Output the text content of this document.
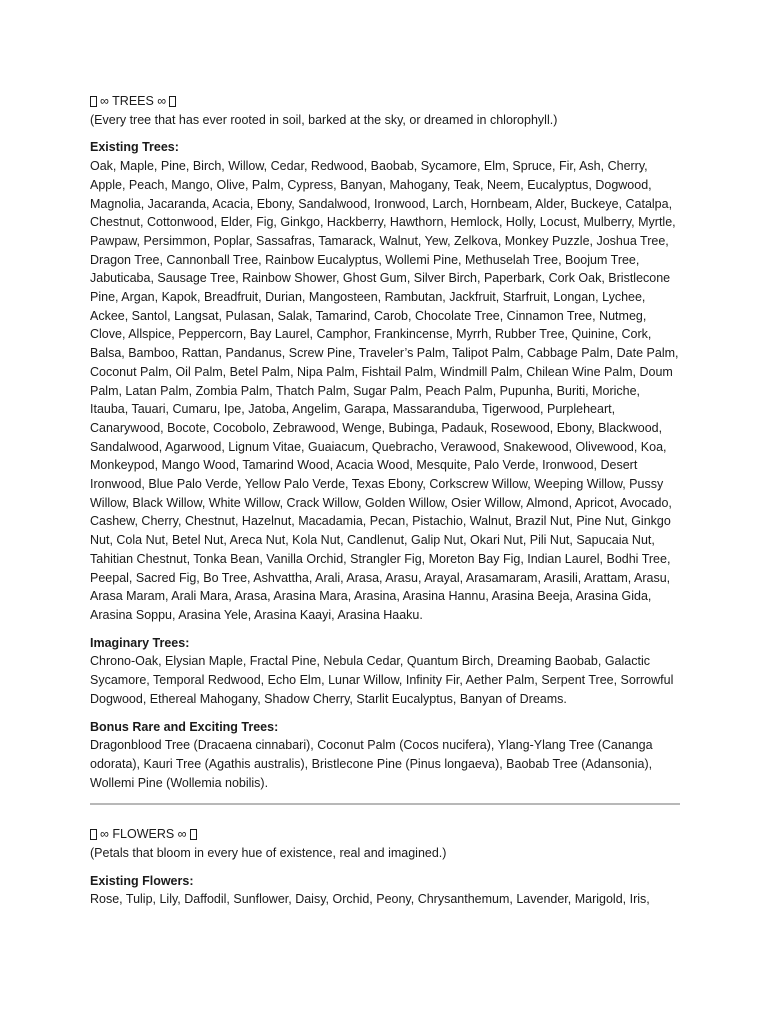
∞ TREES ∞

(Every tree that has ever rooted in soil, barked at the sky, or dreamed in chlorophyll.)

Existing Trees:

Oak, Maple, Pine, Birch, Willow, Cedar, Redwood, Baobab, Sycamore, Elm, Spruce, Fir, Ash, Cherry, Apple, Peach, Mango, Olive, Palm, Cypress, Banyan, Mahogany, Teak, Neem, Eucalyptus, Dogwood, Magnolia, Jacaranda, Acacia, Ebony, Sandalwood, Ironwood, Larch, Hornbeam, Alder, Buckeye, Catalpa, Chestnut, Cottonwood, Elder, Fig, Ginkgo, Hackberry, Hawthorn, Hemlock, Holly, Locust, Mulberry, Myrtle, Pawpaw, Persimmon, Poplar, Sassafras, Tamarack, Walnut, Yew, Zelkova, Monkey Puzzle, Joshua Tree, Dragon Tree, Cannonball Tree, Rainbow Eucalyptus, Wollemi Pine, Methuselah Tree, Boojum Tree, Jabuticaba, Sausage Tree, Rainbow Shower, Ghost Gum, Silver Birch, Paperbark, Cork Oak, Bristlecone Pine, Argan, Kapok, Breadfruit, Durian, Mangosteen, Rambutan, Jackfruit, Starfruit, Longan, Lychee, Ackee, Santol, Langsat, Pulasan, Salak, Tamarind, Carob, Chocolate Tree, Cinnamon Tree, Nutmeg, Clove, Allspice, Peppercorn, Bay Laurel, Camphor, Frankincense, Myrrh, Rubber Tree, Quinine, Cork, Balsa, Bamboo, Rattan, Pandanus, Screw Pine, Traveler’s Palm, Talipot Palm, Cabbage Palm, Date Palm, Coconut Palm, Oil Palm, Betel Palm, Nipa Palm, Fishtail Palm, Windmill Palm, Chilean Wine Palm, Doum Palm, Latan Palm, Zombia Palm, Thatch Palm, Sugar Palm, Peach Palm, Pupunha, Buriti, Moriche, Itauba, Tauari, Cumaru, Ipe, Jatoba, Angelim, Garapa, Massaranduba, Tigerwood, Purpleheart, Canarywood, Bocote, Cocobolo, Zebrawood, Wenge, Bubinga, Padauk, Rosewood, Ebony, Blackwood, Sandalwood, Agarwood, Lignum Vitae, Guaiacum, Quebracho, Verawood, Snakewood, Olivewood, Koa, Monkeypod, Mango Wood, Tamarind Wood, Acacia Wood, Mesquite, Palo Verde, Ironwood, Desert Ironwood, Blue Palo Verde, Yellow Palo Verde, Texas Ebony, Corkscrew Willow, Weeping Willow, Pussy Willow, Black Willow, White Willow, Crack Willow, Golden Willow, Osier Willow, Almond, Apricot, Avocado, Cashew, Cherry, Chestnut, Hazelnut, Macadamia, Pecan, Pistachio, Walnut, Brazil Nut, Pine Nut, Ginkgo Nut, Cola Nut, Betel Nut, Areca Nut, Kola Nut, Candlenut, Galip Nut, Okari Nut, Pili Nut, Sapucaia Nut, Tahitian Chestnut, Tonka Bean, Vanilla Orchid, Strangler Fig, Moreton Bay Fig, Indian Laurel, Bodhi Tree, Peepal, Sacred Fig, Bo Tree, Ashvattha, Arali, Arasa, Arasu, Arayal, Arasamaram, Arasili, Arattam, Arasu, Arasa Maram, Arali Mara, Arasa, Arasina Mara, Arasina, Arasina Hannu, Arasina Beeja, Arasina Gida, Arasina Soppu, Arasina Yele, Arasina Kaayi, Arasina Haaku.

Imaginary Trees:

Chrono-Oak, Elysian Maple, Fractal Pine, Nebula Cedar, Quantum Birch, Dreaming Baobab, Galactic Sycamore, Temporal Redwood, Echo Elm, Lunar Willow, Infinity Fir, Aether Palm, Serpent Tree, Sorrowful Dogwood, Ethereal Mahogany, Shadow Cherry, Starlit Eucalyptus, Banyan of Dreams.

Bonus Rare and Exciting Trees:

Dragonblood Tree (Dracaena cinnabari), Coconut Palm (Cocos nucifera), Ylang-Ylang Tree (Cananga odorata), Kauri Tree (Agathis australis), Bristlecone Pine (Pinus longaeva), Baobab Tree (Adansonia), Wollemi Pine (Wollemia nobilis).

∞ FLOWERS ∞

(Petals that bloom in every hue of existence, real and imagined.)

Existing Flowers:

Rose, Tulip, Lily, Daffodil, Sunflower, Daisy, Orchid, Peony, Chrysanthemum, Lavender, Marigold, Iris,
